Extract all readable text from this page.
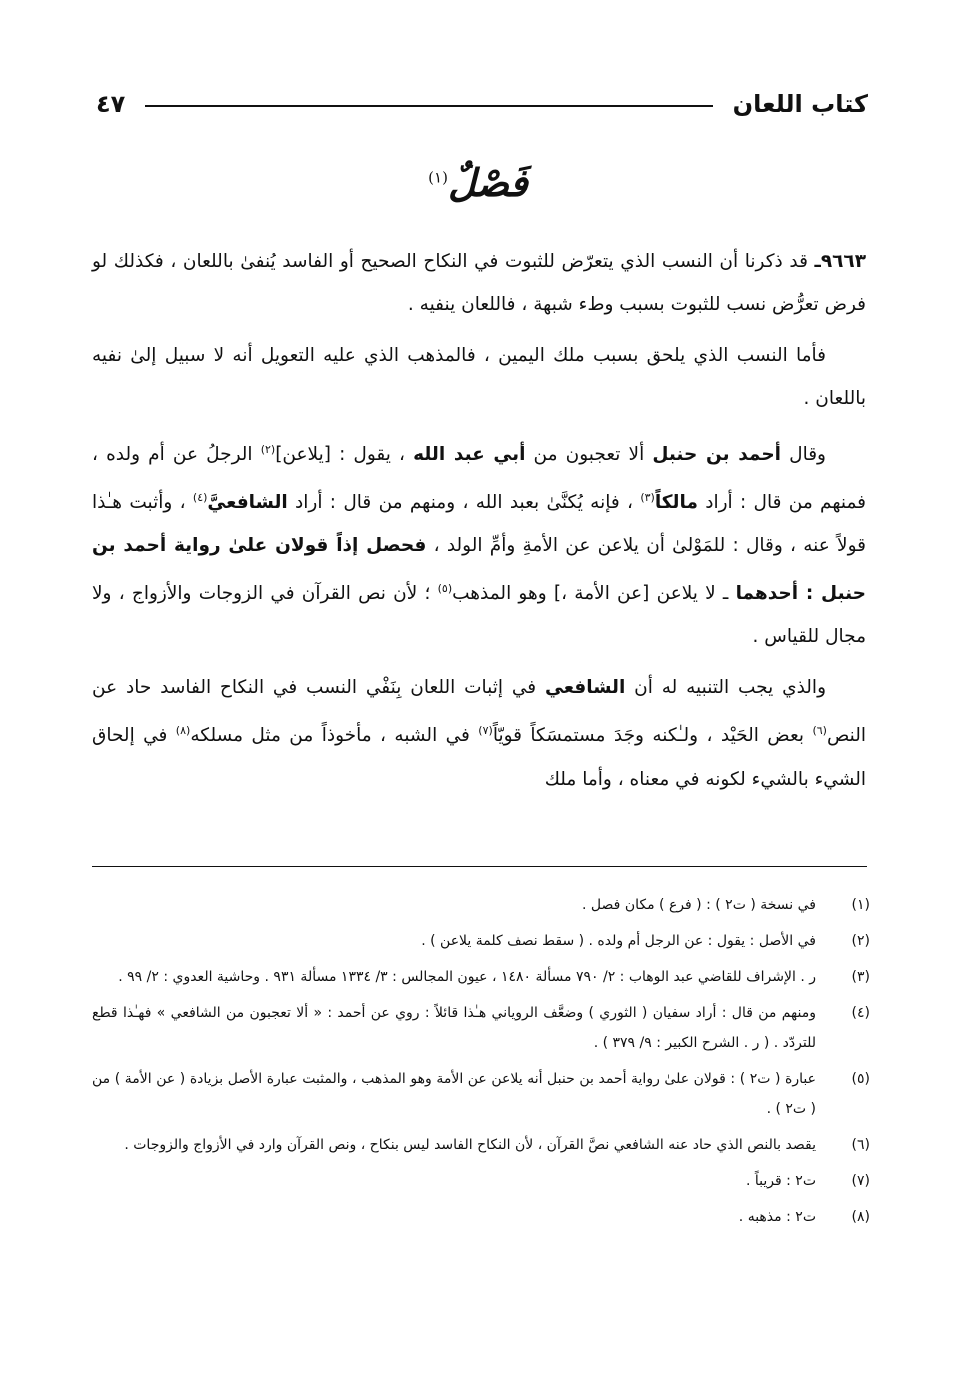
كتاب اللعان
٤٧
فَصْلٌ$^{(١)}$

٩٦٦٣ـ قد ذكرنا أن النسب الذي يتعرّض للثبوت في النكاح الصحيح أو الفاسد يُنفىٰ باللعان ، فكذلك لو فرض تعرُّض نسب للثبوت بسبب وطء شبهة ، فاللعان ينفيه .

فأما النسب الذي يلحق بسبب ملك اليمين ، فالمذهب الذي عليه التعويل أنه لا سبيل إلىٰ نفيه باللعان .

وقال أحمد بن حنبل ألا تعجبون من أبي عبد الله ، يقول : [يلاعن]$^{(٢)}$ الرجلُ عن أم ولده ، فمنهم من قال : أراد مالكاً$^{(٣)}$ ، فإنه يُكنَّىٰ بعبد الله ، ومنهم من قال : أراد الشافعيَّ$^{(٤)}$ ، وأثبت هـٰذا قولاً عنه ، وقال : للمَوْلىٰ أن يلاعن عن الأمةِ وأمِّ الولد ، فحصل إذاً قولان علىٰ رواية أحمد بن حنبل : أحدهما ـ لا يلاعن [عن الأمة ،] وهو المذهب$^{(٥)}$ ؛ لأن نص القرآن في الزوجات والأزواج ، ولا مجال للقياس .

والذي يجب التنبيه له أن الشافعي في إثبات اللعان بِنَفْي النسب في النكاح الفاسد حاد عن النص$^{(٦)}$ بعض الحَيْد ، ولـٰكنه وجَدَ مستمسَكاً قويّاً$^{(٧)}$ في الشبه ، مأخوذاً من مثل مسلكه$^{(٨)}$ في إلحاق الشيء بالشيء لكونه في معناه ، وأما ملك

(١)
في نسخة ( ت٢ ) : ( فرع ) مكان فصل .
(٢)
في الأصل : يقول : عن الرجل أم ولده . ( سقط نصف كلمة يلاعن ) .
(٣)
ر . الإشراف للقاضي عبد الوهاب : ٢/ ٧٩٠ مسألة ١٤٨٠ ، عيون المجالس : ٣/ ١٣٣٤ مسألة ٩٣١ . وحاشية العدوي : ٢/ ٩٩ .
(٤)
ومنهم من قال : أراد سفيان ( الثوري ) وضعَّف الروياني هـٰذا قائلاً : روي عن أحمد : « ألا تعجبون من الشافعي » فهـٰذا قطع للتردّد . ( ر . الشرح الكبير : ٩/ ٣٧٩ ) .
(٥)
عبارة ( ت٢ ) : قولان علىٰ رواية أحمد بن حنبل أنه يلاعن عن الأمة وهو المذهب ، والمثبت عبارة الأصل بزيادة ( عن الأمة ) من ( ت٢ ) .
(٦)
يقصد بالنص الذي حاد عنه الشافعي نصَّ القرآن ، لأن النكاح الفاسد ليس بنكاح ، ونص القرآن وارد في الأزواج والزوجات .
(٧)
ت٢ : قريباً .
(٨)
ت٢ : مذهبه .
